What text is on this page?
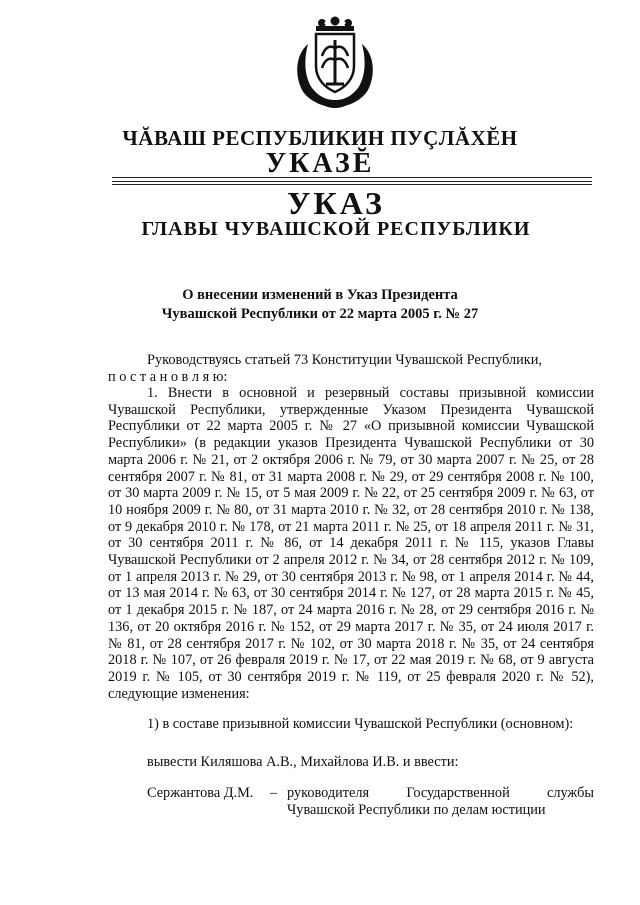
ЧĂВАШ РЕСПУБЛИКИН ПУÇЛĂХĔН
УКАЗĔ
УКАЗ
ГЛАВЫ ЧУВАШСКОЙ РЕСПУБЛИКИ
О внесении изменений в Указ Президента
Чувашской Республики от 22 марта 2005 г. № 27
Руководствуясь статьей 73 Конституции Чувашской Республики,
п о с т а н о в л я ю:
1. Внести в основной и резервный составы призывной комиссии Чувашской Республики, утвержденные Указом Президента Чувашской Республики от 22 марта 2005 г. № 27 «О призывной комиссии Чувашской Республики» (в редакции указов Президента Чувашской Республики от 30 марта 2006 г. № 21, от 2 октября 2006 г. № 79, от 30 марта 2007 г. № 25, от 28 сентября 2007 г. № 81, от 31 марта 2008 г. № 29, от 29 сентября 2008 г. № 100, от 30 марта 2009 г. № 15, от 5 мая 2009 г. № 22, от 25 сентября 2009 г. № 63, от 10 ноября 2009 г. № 80, от 31 марта 2010 г. № 32, от 28 сентября 2010 г. № 138, от 9 декабря 2010 г. № 178, от 21 марта 2011 г. № 25, от 18 апреля 2011 г. № 31, от 30 сентября 2011 г. № 86, от 14 декабря 2011 г. № 115, указов Главы Чувашской Республики от 2 апреля 2012 г. № 34, от 28 сентября 2012 г. № 109, от 1 апреля 2013 г. № 29, от 30 сентября 2013 г. № 98, от 1 апреля 2014 г. № 44, от 13 мая 2014 г. № 63, от 30 сентября 2014 г. № 127, от 28 марта 2015 г. № 45, от 1 декабря 2015 г. № 187, от 24 марта 2016 г. № 28, от 29 сентября 2016 г. № 136, от 20 октября 2016 г. № 152, от 29 марта 2017 г. № 35, от 24 июля 2017 г. № 81, от 28 сентября 2017 г. № 102, от 30 марта 2018 г. № 35, от 24 сентября 2018 г. № 107, от 26 февраля 2019 г. № 17, от 22 мая 2019 г. № 68, от 9 августа 2019 г. № 105, от 30 сентября 2019 г. № 119, от 25 февраля 2020 г. № 52), следующие изменения:
1) в составе призывной комиссии Чувашской Республики (основном):
вывести Киляшова А.В., Михайлова И.В. и ввести:
Сержантова Д.М. – руководителя Государственной службы Чувашской Республики по делам юстиции
